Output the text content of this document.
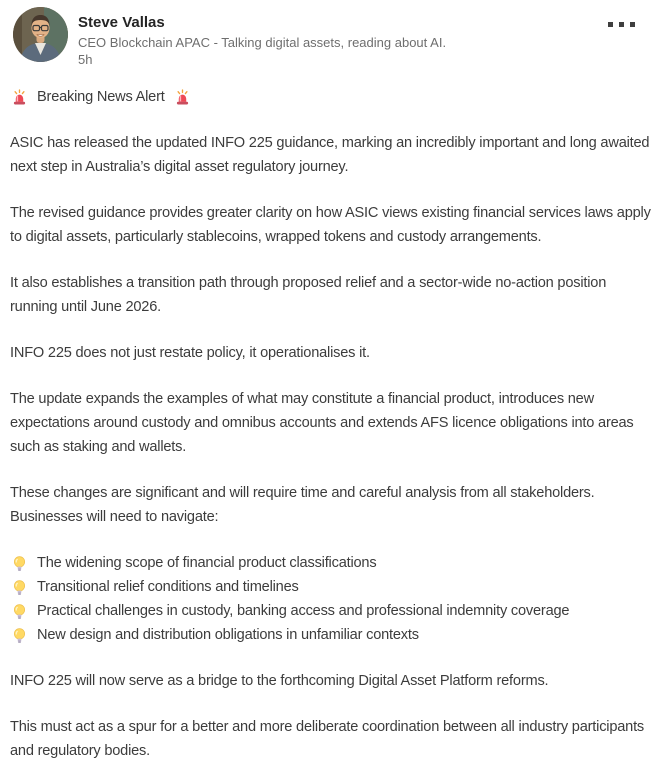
Steve Vallas
CEO Blockchain APAC - Talking digital assets, reading about AI.
5h
Breaking News Alert
ASIC has released the updated INFO 225 guidance, marking an incredibly important and long awaited next step in Australia’s digital asset regulatory journey.
The revised guidance provides greater clarity on how ASIC views existing financial services laws apply to digital assets, particularly stablecoins, wrapped tokens and custody arrangements.
It also establishes a transition path through proposed relief and a sector-wide no-action position running until June 2026.
INFO 225 does not just restate policy, it operationalises it.
The update expands the examples of what may constitute a financial product, introduces new expectations around custody and omnibus accounts and extends AFS licence obligations into areas such as staking and wallets.
These changes are significant and will require time and careful analysis from all stakeholders. Businesses will need to navigate:
The widening scope of financial product classifications
Transitional relief conditions and timelines
Practical challenges in custody, banking access and professional indemnity coverage
New design and distribution obligations in unfamiliar contexts
INFO 225 will now serve as a bridge to the forthcoming Digital Asset Platform reforms.
This must act as a spur for a better and more deliberate coordination between all industry participants and regulatory bodies.
